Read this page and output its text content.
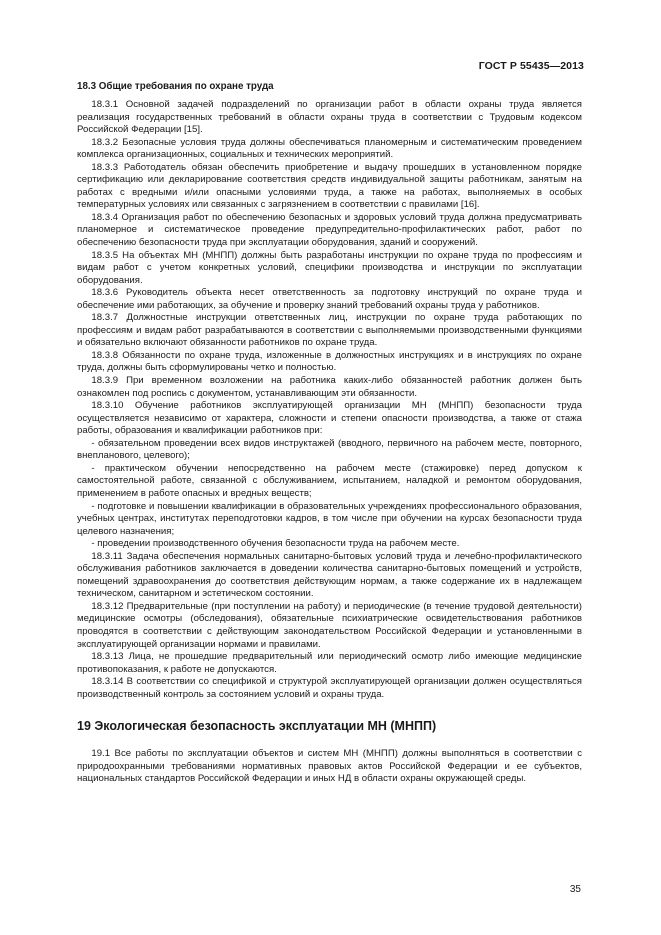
ГОСТ Р 55435—2013
18.3 Общие требования по охране труда

18.3.1 Основной задачей подразделений по организации работ в области охраны труда является реализация государственных требований в области охраны труда в соответствии с Трудовым кодексом Российской Федерации [15].

18.3.2 Безопасные условия труда должны обеспечиваться планомерным и систематическим проведением комплекса организационных, социальных и технических мероприятий.

18.3.3 Работодатель обязан обеспечить приобретение и выдачу прошедших в установленном порядке сертификацию или декларирование соответствия средств индивидуальной защиты работникам, занятым на работах с вредными и/или опасными условиями труда, а также на работах, выполняемых в особых температурных условиях или связанных с загрязнением в соответствии с правилами [16].

18.3.4 Организация работ по обеспечению безопасных и здоровых условий труда должна предусматривать планомерное и систематическое проведение предупредительно-профилактических работ, работ по обеспечению безопасности труда при эксплуатации оборудования, зданий и сооружений.

18.3.5 На объектах МН (МНПП) должны быть разработаны инструкции по охране труда по профессиям и видам работ с учетом конкретных условий, специфики производства и инструкции по эксплуатации оборудования.

18.3.6 Руководитель объекта несет ответственность за подготовку инструкций по охране труда и обеспечение ими работающих, за обучение и проверку знаний требований охраны труда у работников.

18.3.7 Должностные инструкции ответственных лиц, инструкции по охране труда работающих по профессиям и видам работ разрабатываются в соответствии с выполняемыми производственными функциями и обязательно включают обязанности работников по охране труда.

18.3.8 Обязанности по охране труда, изложенные в должностных инструкциях и в инструкциях по охране труда, должны быть сформулированы четко и полностью.

18.3.9 При временном возложении на работника каких-либо обязанностей работник должен быть ознакомлен под роспись с документом, устанавливающим эти обязанности.

18.3.10 Обучение работников эксплуатирующей организации МН (МНПП) безопасности труда осуществляется независимо от характера, сложности и степени опасности производства, а также от стажа работы, образования и квалификации работников при:

- обязательном проведении всех видов инструктажей (вводного, первичного на рабочем месте, повторного, внепланового, целевого);

- практическом обучении непосредственно на рабочем месте (стажировке) перед допуском к самостоятельной работе, связанной с обслуживанием, испытанием, наладкой и ремонтом оборудования, применением в работе опасных и вредных веществ;

- подготовке и повышении квалификации в образовательных учреждениях профессионального образования, учебных центрах, институтах переподготовки кадров, в том числе при обучении на курсах безопасности труда целевого назначения;

- проведении производственного обучения безопасности труда на рабочем месте.

18.3.11 Задача обеспечения нормальных санитарно-бытовых условий труда и лечебно-профилактического обслуживания работников заключается в доведении количества санитарно-бытовых помещений и устройств, помещений здравоохранения до соответствия действующим нормам, а также содержание их в надлежащем техническом, санитарном и эстетическом состоянии.

18.3.12 Предварительные (при поступлении на работу) и периодические (в течение трудовой деятельности) медицинские осмотры (обследования), обязательные психиатрические освидетельствования работников проводятся в соответствии с действующим законодательством Российской Федерации и установленными в эксплуатирующей организации нормами и правилами.

18.3.13 Лица, не прошедшие предварительный или периодический осмотр либо имеющие медицинские противопоказания, к работе не допускаются.

18.3.14 В соответствии со спецификой и структурой эксплуатирующей организации должен осуществляться производственный контроль за состоянием условий и охраны труда.

19 Экологическая безопасность эксплуатации МН (МНПП)

19.1 Все работы по эксплуатации объектов и систем МН (МНПП) должны выполняться в соответствии с природоохранными требованиями нормативных правовых актов Российской Федерации и ее субъектов, национальных стандартов Российской Федерации и иных НД в области охраны окружающей среды.

35
